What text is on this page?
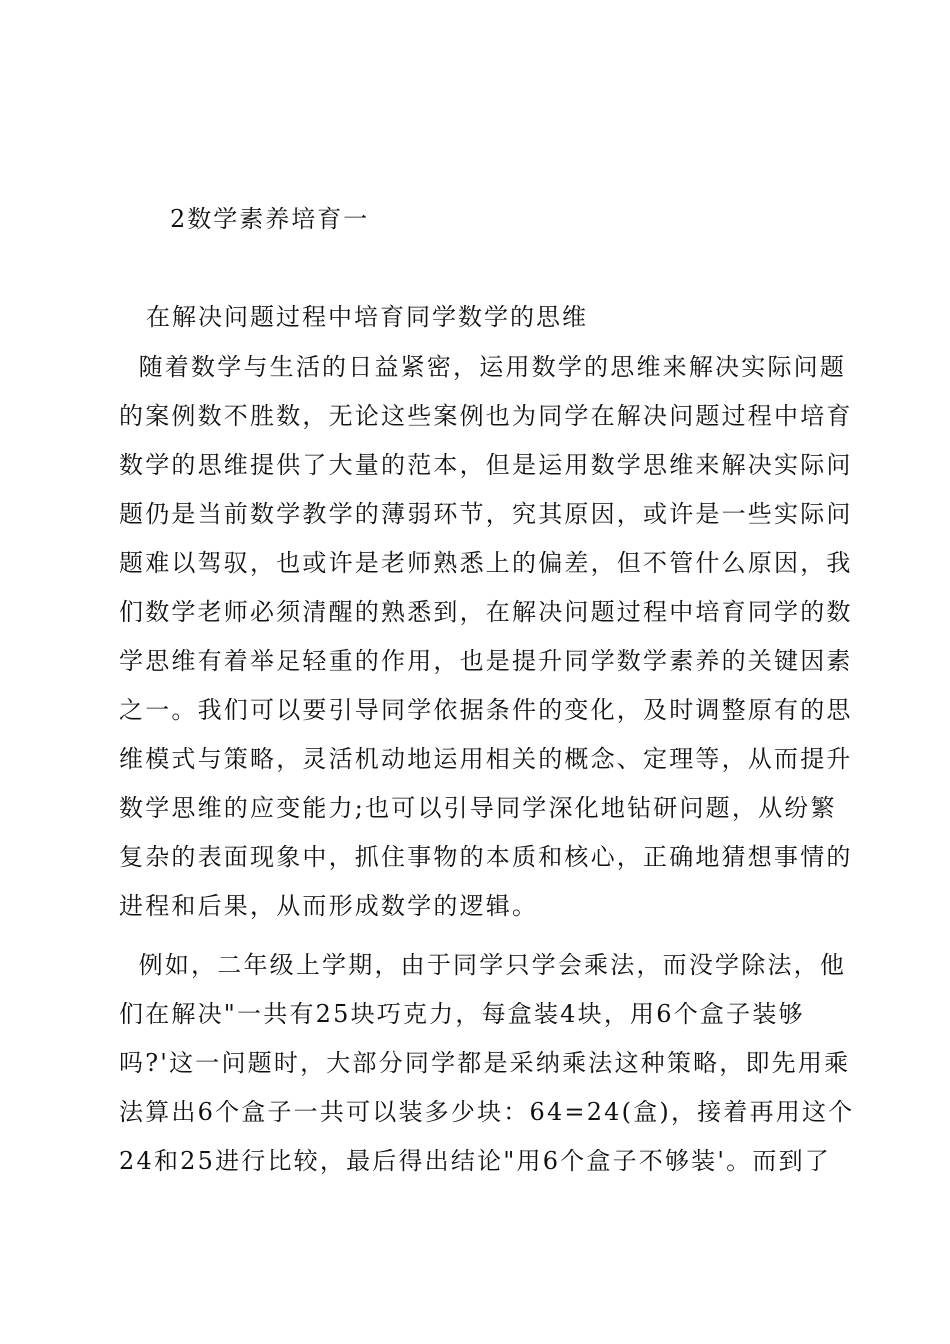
2数学素养培育一
在解决问题过程中培育同学数学的思维
随着数学与生活的日益紧密，运用数学的思维来解决实际问题
的案例数不胜数，无论这些案例也为同学在解决问题过程中培育
数学的思维提供了大量的范本，但是运用数学思维来解决实际问
题仍是当前数学教学的薄弱环节，究其原因，或许是一些实际问
题难以驾驭，也或许是老师熟悉上的偏差，但不管什么原因，我
们数学老师必须清醒的熟悉到，在解决问题过程中培育同学的数
学思维有着举足轻重的作用，也是提升同学数学素养的关键因素
之一。我们可以要引导同学依据条件的变化，及时调整原有的思
维模式与策略，灵活机动地运用相关的概念、定理等，从而提升
数学思维的应变能力;也可以引导同学深化地钻研问题，从纷繁
复杂的表面现象中，抓住事物的本质和核心，正确地猜想事情的
进程和后果，从而形成数学的逻辑。
例如，二年级上学期，由于同学只学会乘法，而没学除法，他
们在解决"一共有25块巧克力，每盒装4块，用6个盒子装够
吗?'这一问题时，大部分同学都是采纳乘法这种策略，即先用乘
法算出6个盒子一共可以装多少块：64=24(盒)，接着再用这个
24和25进行比较，最后得出结论"用6个盒子不够装'。而到了
